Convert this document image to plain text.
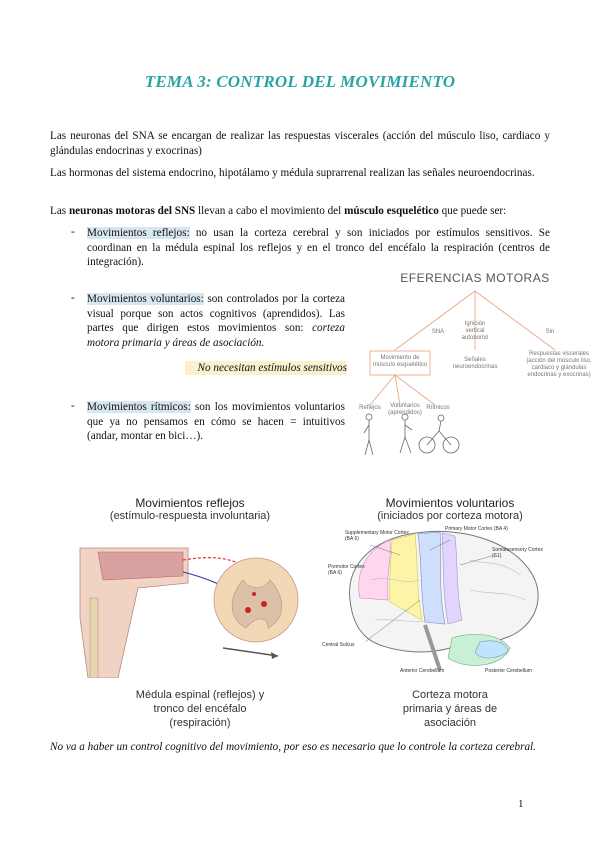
TEMA 3: CONTROL DEL MOVIMIENTO
Las neuronas del SNA se encargan de realizar las respuestas viscerales (acción del músculo liso, cardiaco y glándulas endocrinas y exocrinas)
Las hormonas del sistema endocrino, hipotálamo y médula suprarrenal realizan las señales neuroendocrinas.
Las neuronas motoras del SNS llevan a cabo el movimiento del músculo esquelético que puede ser:
- Movimientos reflejos: no usan la corteza cerebral y son iniciados por estímulos sensitivos. Se coordinan en la médula espinal los reflejos y en el tronco del encéfalo la respiración (centros de integración).
- Movimientos voluntarios: son controlados por la corteza visual porque son actos cognitivos (aprendidos). Las partes que dirigen estos movimientos son: corteza motora primaria y áreas de asociación.
No necesitan estímulos sensitivos
- Movimientos rítmicos: son los movimientos voluntarios que ya no pensamos en cómo se hacen = intuitivos (andar, montar en bici…).
EFERENCIAS MOTORAS
SNA
Ignición
vertical
autonomó
Sin
Movimiento de
músculo esquelético
Señales
neuroendocrinas
Respuestas viscerales
(acción del músculo liso,
cardiaco y glándulas
endocrinas y exocrinas)
Reflejos	Voluntarios
(aprendidos)
Rítmicos
Movimientos reflejos
(estímulo-respuesta involuntaria)
Movimientos voluntarios
(iniciados por corteza motora)
Supplementary Motor Cortex
(BA 6)
Primary Motor Cortex (BA 4)
Somatosensory Cortex
(S1)
Premotor Cortex
(BA 6)
Central Sulcus
Anterior Cerebellum	Posterior Cerebellum
Médula espinal (reflejos) y
tronco del encéfalo
(respiración)
Corteza motora
primaria y áreas de
asociación
No va a haber un control cognitivo del movimiento, por eso es necesario que lo controle la corteza cerebral.
1
